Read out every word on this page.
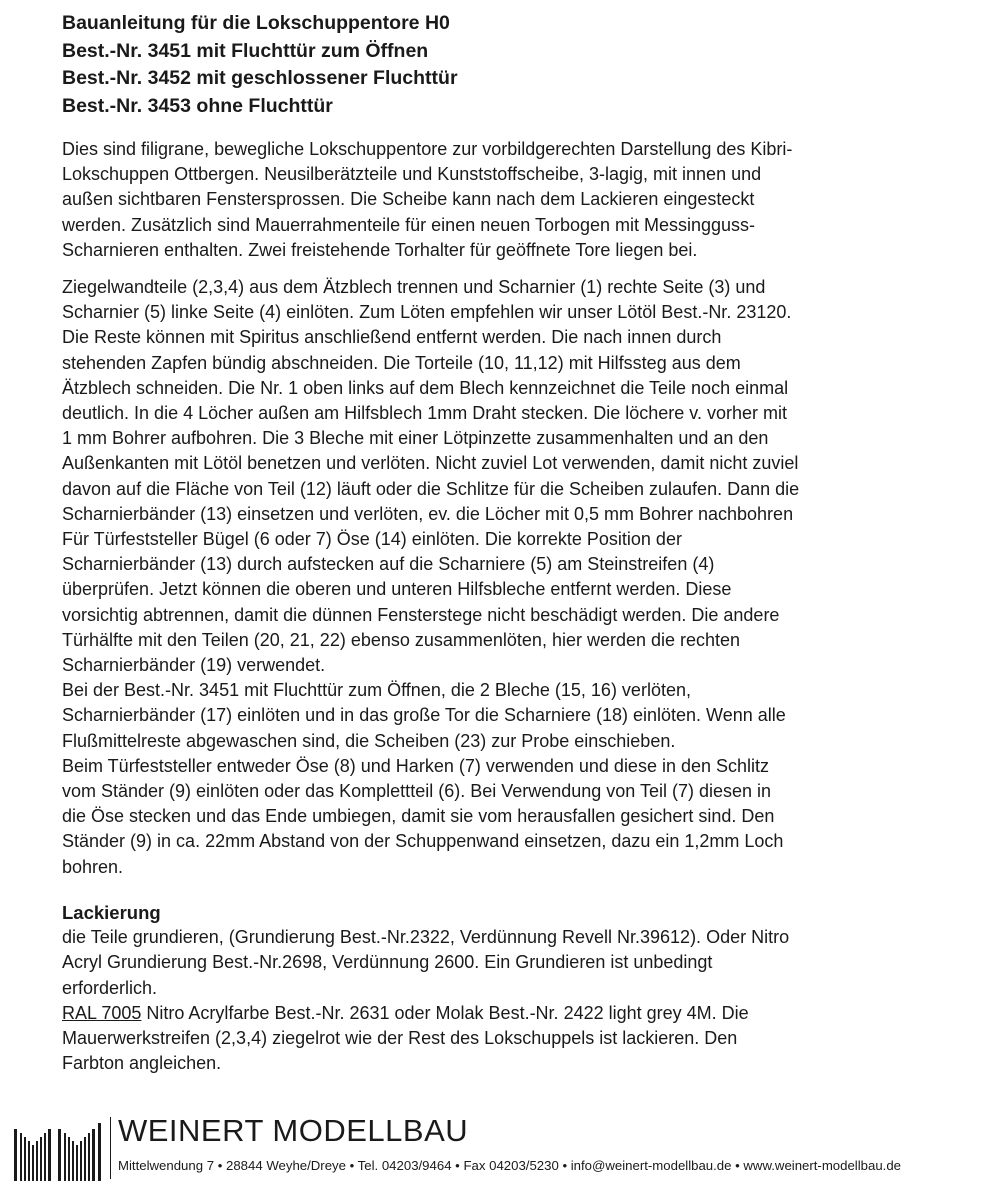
Bauanleitung für die Lokschuppentore H0

Best.-Nr. 3451 mit Fluchttür zum Öffnen

Best.-Nr. 3452 mit geschlossener Fluchttür

Best.-Nr. 3453 ohne Fluchttür

Dies sind filigrane, bewegliche Lokschuppentore zur vorbildgerechten Darstellung des Kibri-

Lokschuppen Ottbergen. Neusilberätzteile und Kunststoffscheibe, 3-lagig, mit innen und

außen sichtbaren Fenstersprossen. Die Scheibe kann nach dem Lackieren eingesteckt

werden. Zusätzlich sind Mauerrahmenteile für einen neuen Torbogen mit Messingguss-

Scharnieren enthalten. Zwei freistehende Torhalter für geöffnete Tore liegen bei.

Ziegelwandteile (2,3,4) aus dem Ätzblech trennen und Scharnier (1) rechte Seite (3) und

Scharnier (5) linke Seite (4) einlöten. Zum Löten empfehlen wir unser Lötöl Best.-Nr. 23120.

Die Reste können mit Spiritus anschließend entfernt werden. Die nach innen durch

stehenden Zapfen bündig abschneiden. Die Torteile (10, 11,12) mit Hilfssteg aus dem

Ätzblech schneiden. Die Nr. 1 oben links auf dem Blech kennzeichnet die Teile noch einmal

deutlich. In die 4 Löcher außen am Hilfsblech 1mm Draht stecken. Die löchere v. vorher mit

1 mm Bohrer aufbohren. Die 3 Bleche mit einer Lötpinzette zusammenhalten und an den

Außenkanten mit Lötöl benetzen und verlöten. Nicht zuviel Lot verwenden, damit nicht zuviel

davon auf die Fläche von Teil (12) läuft oder die Schlitze für die Scheiben zulaufen. Dann die

Scharnierbänder (13) einsetzen und verlöten, ev. die Löcher mit 0,5 mm Bohrer nachbohren

Für Türfeststeller Bügel (6 oder 7) Öse (14) einlöten. Die korrekte Position der

Scharnierbänder (13) durch aufstecken auf die Scharniere (5) am Steinstreifen (4)

überprüfen. Jetzt können die oberen und unteren Hilfsbleche entfernt werden. Diese

vorsichtig abtrennen, damit die dünnen Fensterstege nicht beschädigt werden. Die andere

Türhälfte mit den Teilen (20, 21, 22) ebenso zusammenlöten, hier werden die rechten

Scharnierbänder (19) verwendet.

Bei der Best.-Nr. 3451 mit Fluchttür zum Öffnen, die 2 Bleche (15, 16) verlöten,

Scharnierbänder (17) einlöten und in das große Tor die Scharniere (18) einlöten. Wenn alle

Flußmittelreste abgewaschen sind, die Scheiben (23) zur Probe einschieben.

Beim Türfeststeller entweder Öse (8) und Harken (7) verwenden und diese in den Schlitz

vom Ständer (9) einlöten oder das Komplettteil (6). Bei Verwendung von Teil (7) diesen in

die Öse stecken und das Ende umbiegen, damit sie vom herausfallen gesichert sind. Den

Ständer (9) in ca. 22mm Abstand von der Schuppenwand einsetzen, dazu ein 1,2mm Loch

bohren.

Lackierung

die Teile grundieren, (Grundierung Best.-Nr.2322, Verdünnung Revell Nr.39612). Oder Nitro

Acryl Grundierung Best.-Nr.2698, Verdünnung 2600. Ein Grundieren ist unbedingt

erforderlich.

RAL 7005 Nitro Acrylfarbe Best.-Nr. 2631 oder Molak Best.-Nr. 2422 light grey 4M. Die

Mauerwerkstreifen (2,3,4) ziegelrot wie der Rest des Lokschuppels ist lackieren. Den

Farbton angleichen.

WEINERT MODELLBAU
Mittelwendung 7 • 28844 Weyhe/Dreye • Tel. 04203/9464 • Fax 04203/5230 • info@weinert-modellbau.de • www.weinert-modellbau.de
